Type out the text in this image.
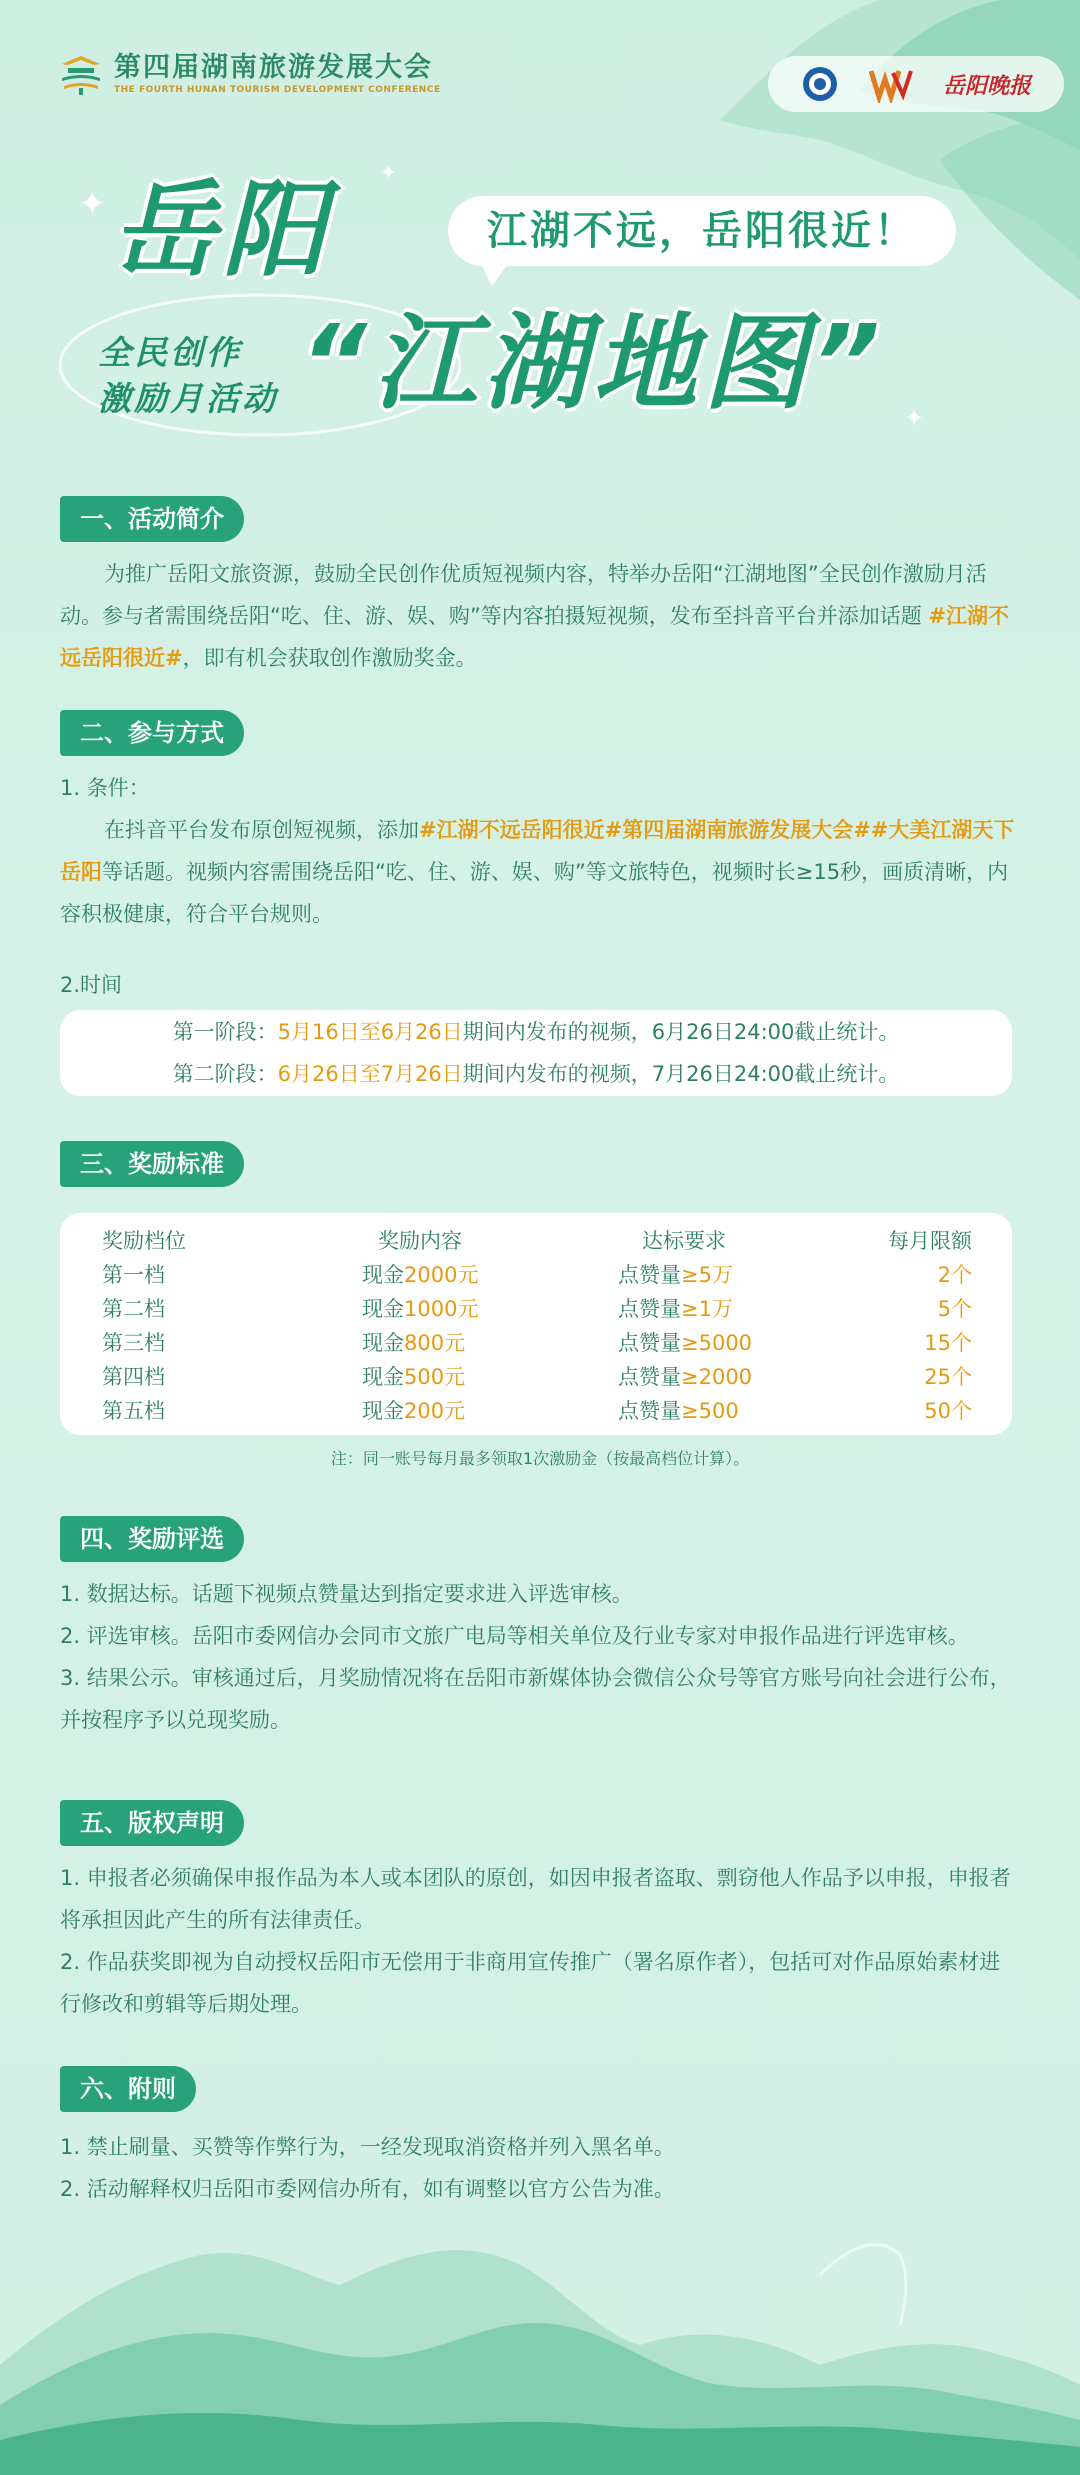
第四届湖南旅游发展大会
THE FOURTH HUNAN TOURISM DEVELOPMENT CONFERENCE	岳阳晚报
✦
✦
✦
岳阳	江湖不远，岳阳很近！
全民创作
激励月活动 “江湖地图”
一、活动简介
为推广岳阳文旅资源，鼓励全民创作优质短视频内容，特举办岳阳“江湖地图”全民创作激励月活动。参与者需围绕岳阳“吃、住、游、娱、购”等内容拍摄短视频，发布至抖音平台并添加话题 #江湖不远岳阳很近#，即有机会获取创作激励奖金。
二、参与方式
1. 条件：
在抖音平台发布原创短视频，添加#江湖不远岳阳很近#第四届湖南旅游发展大会##大美江湖天下岳阳等话题。视频内容需围绕岳阳“吃、住、游、娱、购”等文旅特色，视频时长≥15秒，画质清晰，内容积极健康，符合平台规则。
2.时间
第一阶段：5月16日至6月26日期间内发布的视频，6月26日24:00截止统计。
第二阶段：6月26日至7月26日期间内发布的视频，7月26日24:00截止统计。
三、奖励标准
奖励档位	奖励内容	达标要求	每月限额
第一档	现金2000元	点赞量≥5万	2个
第二档	现金1000元	点赞量≥1万	5个
第三档	现金800元	点赞量≥5000	15个
第四档	现金500元	点赞量≥2000	25个
第五档	现金200元	点赞量≥500	50个
注：同一账号每月最多领取1次激励金（按最高档位计算）。
四、奖励评选
1. 数据达标。话题下视频点赞量达到指定要求进入评选审核。
2. 评选审核。岳阳市委网信办会同市文旅广电局等相关单位及行业专家对申报作品进行评选审核。
3. 结果公示。审核通过后，月奖励情况将在岳阳市新媒体协会微信公众号等官方账号向社会进行公布，并按程序予以兑现奖励。
五、版权声明
1. 申报者必须确保申报作品为本人或本团队的原创，如因申报者盗取、剽窃他人作品予以申报，申报者将承担因此产生的所有法律责任。
2. 作品获奖即视为自动授权岳阳市无偿用于非商用宣传推广（署名原作者），包括可对作品原始素材进行修改和剪辑等后期处理。
六、附则
1. 禁止刷量、买赞等作弊行为，一经发现取消资格并列入黑名单。
2. 活动解释权归岳阳市委网信办所有，如有调整以官方公告为准。
